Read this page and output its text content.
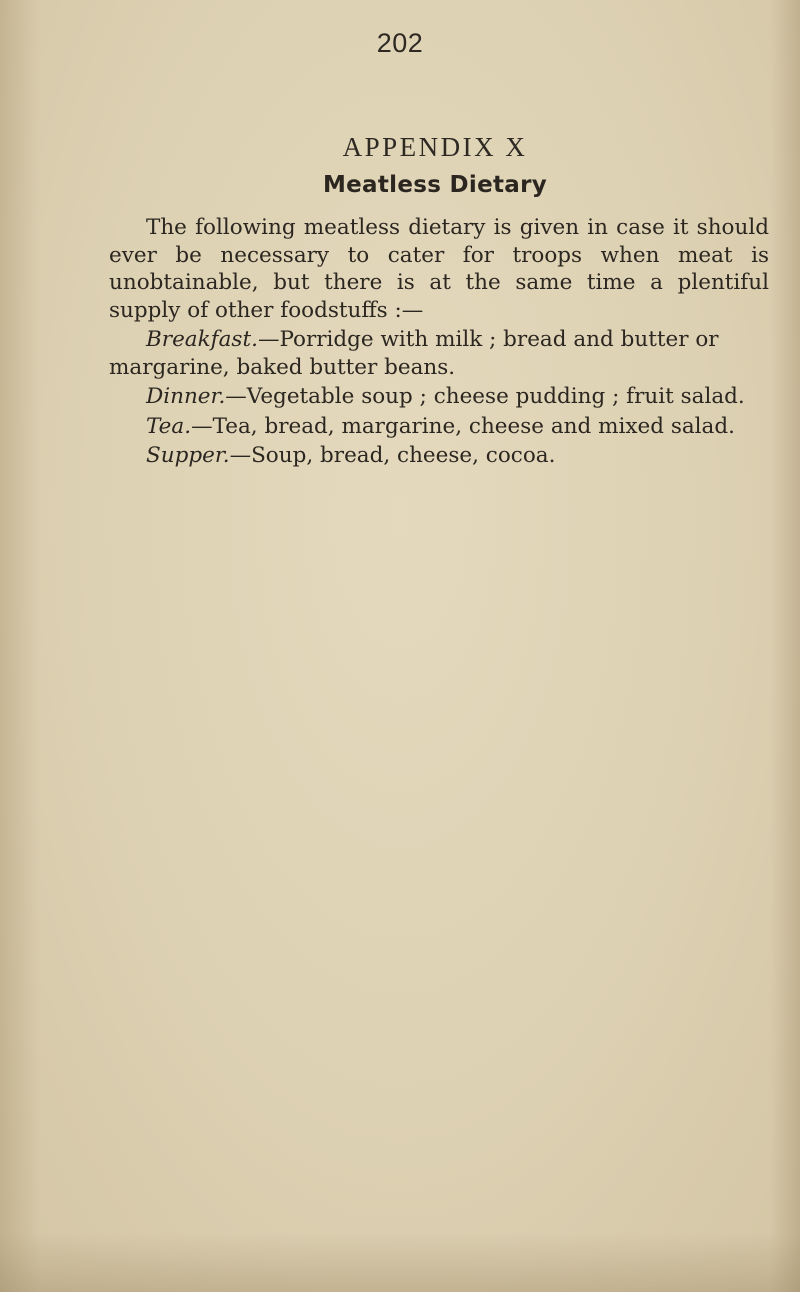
202
APPENDIX X
Meatless Dietary

The following meatless dietary is given in case it should ever be necessary to cater for troops when meat is unobtainable, but there is at the same time a plentiful supply of other foodstuffs :—

Breakfast.—Porridge with milk ; bread and butter or margarine, baked butter beans.

Dinner.—Vegetable soup ; cheese pudding ; fruit salad.

Tea.—Tea, bread, margarine, cheese and mixed salad.

Supper.—Soup, bread, cheese, cocoa.
